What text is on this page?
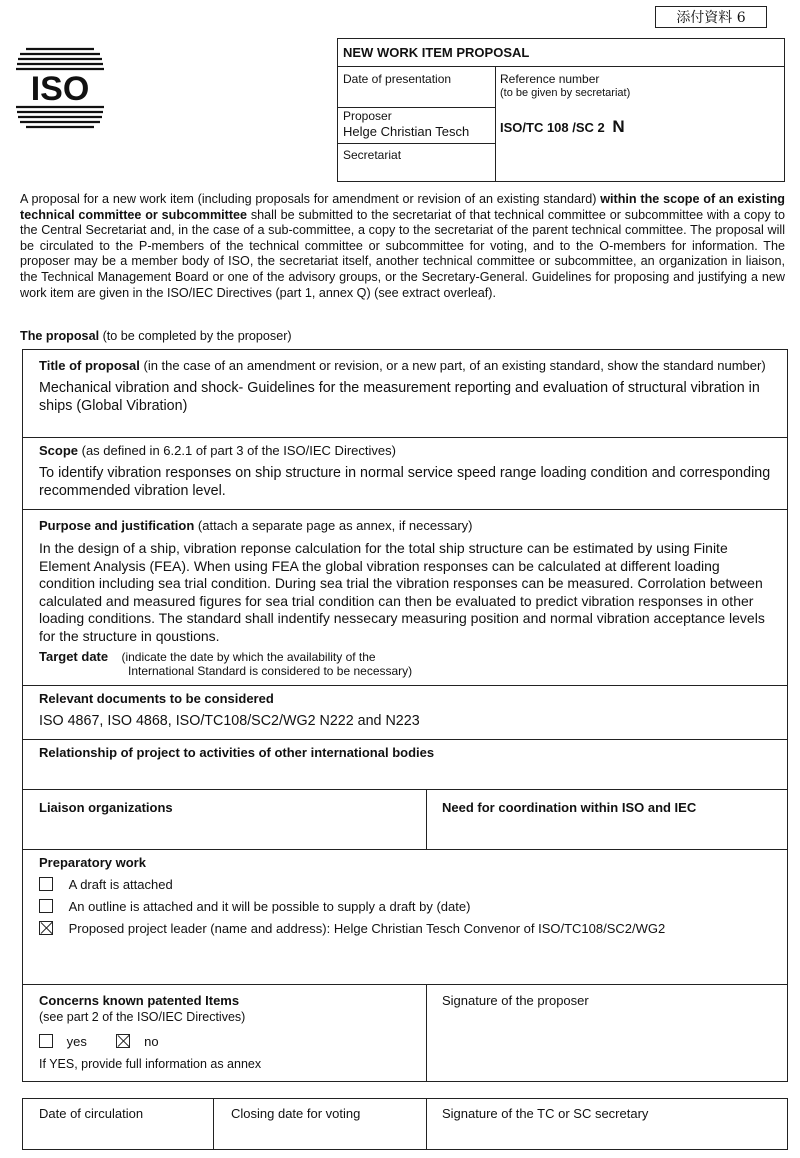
添付資料 6
ISO
NEW WORK ITEM PROPOSAL
Date of presentation
Proposer
Helge Christian Tesch
Secretariat
Reference number
(to be given by secretariat)
ISO/TC 108 /SC 2 N
A proposal for a new work item (including proposals for amendment or revision of an existing standard) within the scope of an existing technical committee or subcommittee shall be submitted to the secretariat of that technical committee or subcommittee with a copy to the Central Secretariat and, in the case of a sub-committee, a copy to the secretariat of the parent technical committee. The proposal will be circulated to the P-members of the technical committee or subcommittee for voting, and to the O-members for information. The proposer may be a member body of ISO, the secretariat itself, another technical committee or subcommittee, an organization in liaison, the Technical Management Board or one of the advisory groups, or the Secretary-General. Guidelines for proposing and justifying a new work item are given in the ISO/IEC Directives (part 1, annex Q) (see extract overleaf).
The proposal (to be completed by the proposer)
Title of proposal (in the case of an amendment or revision, or a new part, of an existing standard, show the standard number)
Mechanical vibration and shock- Guidelines for the measurement reporting and evaluation of structural vibration in ships (Global Vibration)
Scope (as defined in 6.2.1 of part 3 of the ISO/IEC Directives)
To identify vibration responses on ship structure in normal service speed range loading condition and corresponding recommended vibration level.
Purpose and justification (attach a separate page as annex, if necessary)
In the design of a ship, vibration reponse calculation for the total ship structure can be estimated by using Finite Element Analysis (FEA). When using FEA the global vibration responses can be calculated at different loading condition including sea trial condition. During sea trial the vibration responses can be measured. Corrolation between calculated and measured figures for sea trial condition can then be evaluated to predict vibration responses in other loading conditions. The standard shall indentify nessecary measuring position and normal vibration acceptance levels for the structure in qoustions.
Target date (indicate the date by which the availability of the
International Standard is considered to be necessary)
Relevant documents to be considered
ISO 4867, ISO 4868, ISO/TC108/SC2/WG2 N222 and N223
Relationship of project to activities of other international bodies
Liaison organizations	Need for coordination within ISO and IEC
Preparatory work
A draft is attached
An outline is attached and it will be possible to supply a draft by (date)
Proposed project leader (name and address): Helge Christian Tesch Convenor of ISO/TC108/SC2/WG2
Concerns known patented Items
(see part 2 of the ISO/IEC Directives)
yes	no
If YES, provide full information as annex
Signature of the proposer
Date of circulation	Closing date for voting	Signature of the TC or SC secretary
